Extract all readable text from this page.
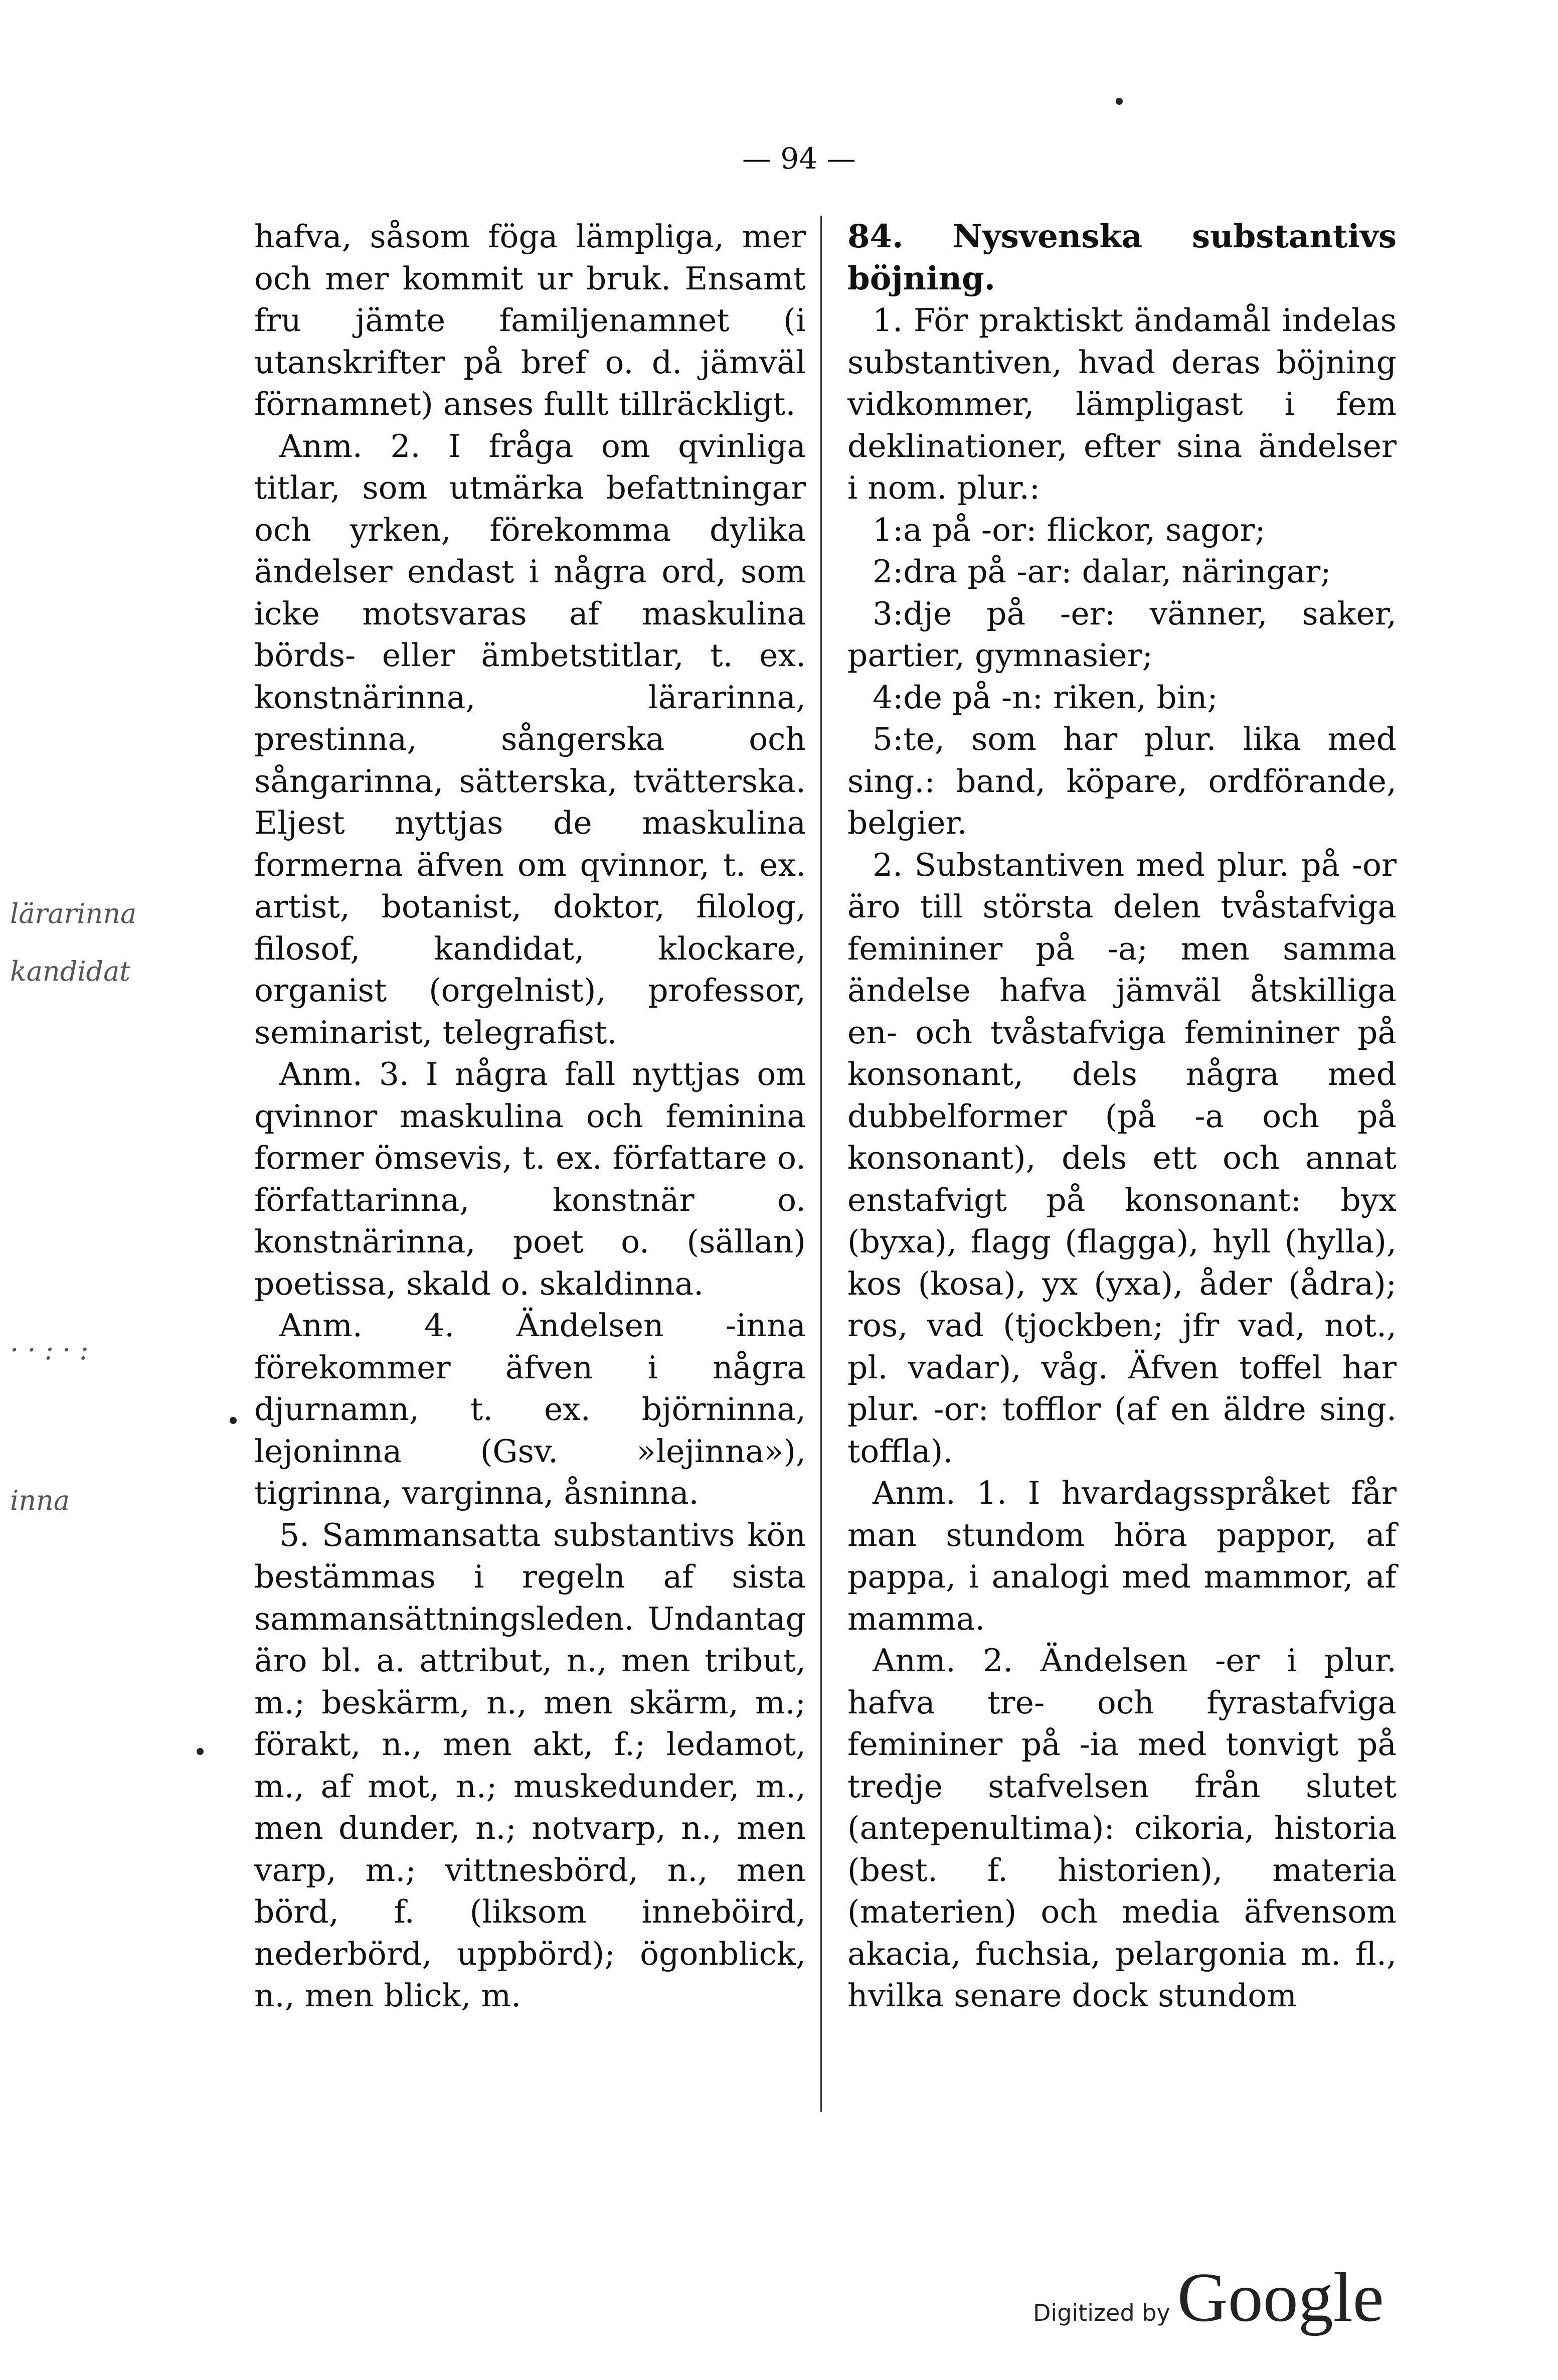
— 94 —

hafva, såsom föga lämpliga, mer och mer kommit ur bruk. Ensamt fru jämte familjenamnet (i utanskrifter på bref o. d. jämväl förnamnet) anses fullt tillräckligt.

Anm. 2. I fråga om qvinliga titlar, som utmärka befattningar och yrken, förekomma dylika ändelser endast i några ord, som icke motsvaras af maskulina börds- eller ämbetstitlar, t. ex. konstnärinna, lärarinna, prestinna, sångerska och sångarinna, sätterska, tvätterska. Eljest nyttjas de maskulina formerna äfven om qvinnor, t. ex. artist, botanist, doktor, filolog, filosof, kandidat, klockare, organist (orgelnist), professor, seminarist, telegrafist.

Anm. 3. I några fall nyttjas om qvinnor maskulina och feminina former ömsevis, t. ex. författare o. författarinna, konstnär o. konstnärinna, poet o. (sällan) poetissa, skald o. skaldinna.

Anm. 4. Ändelsen -inna förekommer äfven i några djurnamn, t. ex. björninna, lejoninna (Gsv. »lejinna»), tigrinna, varginna, åsninna.

5. Sammansatta substantivs kön bestämmas i regeln af sista sammansättningsleden. Undantag äro bl. a. attribut, n., men tribut, m.; beskärm, n., men skärm, m.; förakt, n., men akt, f.; ledamot, m., af mot, n.; muskedunder, m., men dunder, n.; notvarp, n., men varp, m.; vittnesbörd, n., men börd, f. (liksom inneböird, nederbörd, uppbörd); ögonblick, n., men blick, m.

84. Nysvenska substantivs böjning.

1. För praktiskt ändamål indelas substantiven, hvad deras böjning vidkommer, lämpligast i fem deklinationer, efter sina ändelser i nom. plur.:

1:a på -or: flickor, sagor;

2:dra på -ar: dalar, näringar;

3:dje på -er: vänner, saker, partier, gymnasier;

4:de på -n: riken, bin;

5:te, som har plur. lika med sing.: band, köpare, ordförande, belgier.

2. Substantiven med plur. på -or äro till största delen tvåstafviga femininer på -a; men samma ändelse hafva jämväl åtskilliga en- och tvåstafviga femininer på konsonant, dels några med dubbelformer (på -a och på konsonant), dels ett och annat enstafvigt på konsonant: byx (byxa), flagg (flagga), hyll (hylla), kos (kosa), yx (yxa), åder (ådra); ros, vad (tjockben; jfr vad, not., pl. vadar), våg. Äfven toffel har plur. -or: tofflor (af en äldre sing. toffla).

Anm. 1. I hvardagsspråket får man stundom höra pappor, af pappa, i analogi med mammor, af mamma.

Anm. 2. Ändelsen -er i plur. hafva tre- och fyrastafviga femininer på -ia med tonvigt på tredje stafvelsen från slutet (antepenultima): cikoria, historia (best. f. historien), materia (materien) och media äfvensom akacia, fuchsia, pelargonia m. fl., hvilka senare dock stundom

lärarinna
kandidat
· · : · :
inna
Digitized by Google
